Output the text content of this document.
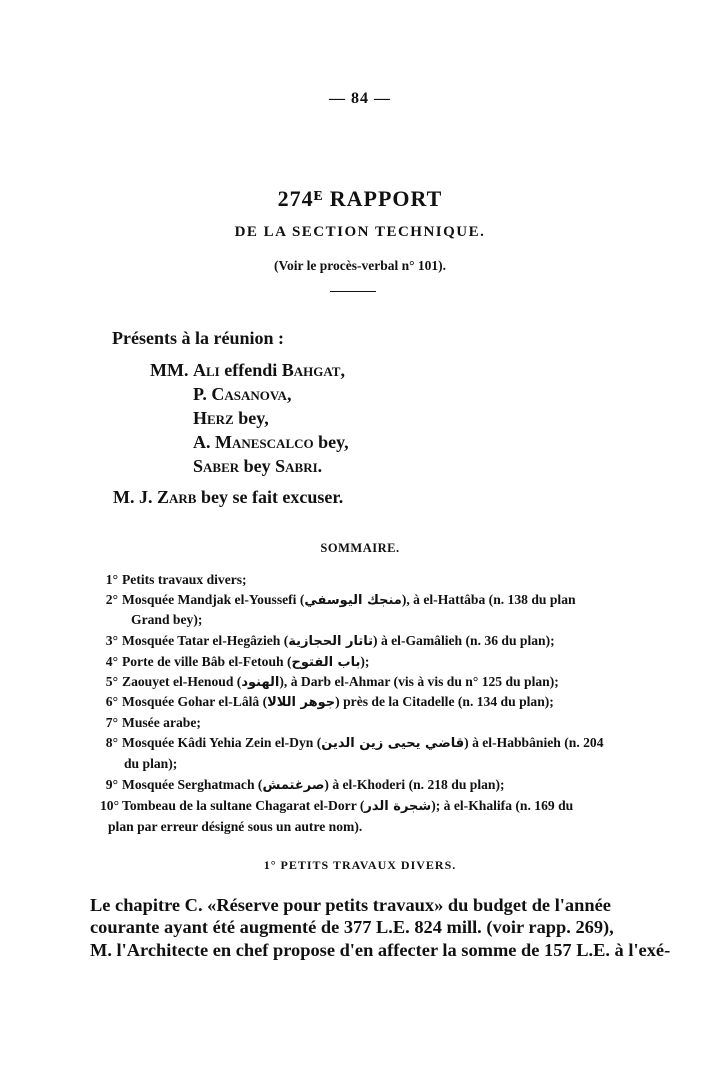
— 84 —
274ᴱ RAPPORT
DE LA SECTION TECHNIQUE.
(Voir le procès-verbal n° 101).
Présents à la réunion :
MM. Ali effendi Bahgat,
P. Casanova,
Herz bey,
A. Manescalco bey,
Saber bey Sabri.
M. J. Zarb bey se fait excuser.
SOMMAIRE.
1° Petits travaux divers;
2° Mosquée Mandjak el-Youssefi (منجك اليوسفي), à el-Hattâba (n. 138 du plan
Grand bey);
3° Mosquée Tatar el-Hegâzieh (تاتار الحجازية) à el-Gamâlieh (n. 36 du plan);
4° Porte de ville Bâb el-Fetouh (باب الفتوح);
5° Zaouyet el-Henoud (الهنود), à Darb el-Ahmar (vis à vis du n° 125 du plan);
6° Mosquée Gohar el-Lâlâ (جوهر اللالا) près de la Citadelle (n. 134 du plan);
7° Musée arabe;
8° Mosquée Kâdi Yehia Zein el-Dyn (قاضي يحيى زين الدين) à el-Habbânieh (n. 204
du plan);
9° Mosquée Serghatmach (صرغتمش) à el-Khoderi (n. 218 du plan);
10° Tombeau de la sultane Chagarat el-Dorr (شجرة الدر); à el-Khalifa (n. 169 du
plan par erreur désigné sous un autre nom).
1° PETITS TRAVAUX DIVERS.
Le chapitre C. «Réserve pour petits travaux» du budget de l'année
courante ayant été augmenté de 377 L.E. 824 mill. (voir rapp. 269),
M. l'Architecte en chef propose d'en affecter la somme de 157 L.E. à l'exé-
